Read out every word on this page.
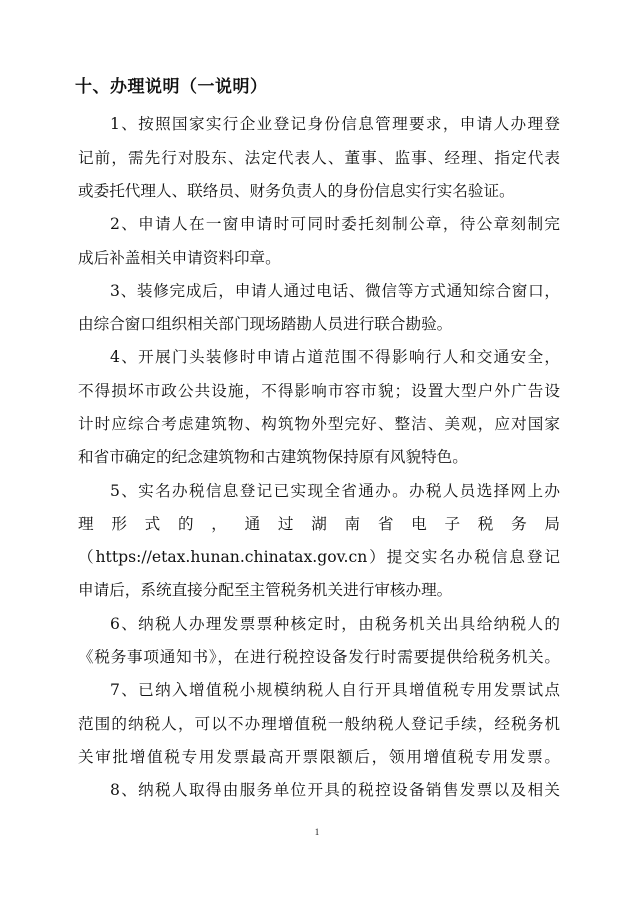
十、办理说明（一说明）
1、按照国家实行企业登记身份信息管理要求，申请人办理登
记前，需先行对股东、法定代表人、董事、监事、经理、指定代表
或委托代理人、联络员、财务负责人的身份信息实行实名验证。
2、申请人在一窗申请时可同时委托刻制公章，待公章刻制完
成后补盖相关申请资料印章。
3、装修完成后，申请人通过电话、微信等方式通知综合窗口，
由综合窗口组织相关部门现场踏勘人员进行联合勘验。
4、开展门头装修时申请占道范围不得影响行人和交通安全，
不得损坏市政公共设施，不得影响市容市貌；设置大型户外广告设
计时应综合考虑建筑物、构筑物外型完好、整洁、美观，应对国家
和省市确定的纪念建筑物和古建筑物保持原有风貌特色。
5、实名办税信息登记已实现全省通办。办税人员选择网上办
理 形 式 的 ， 通 过 湖 南 省 电 子 税 务 局
（https://etax.hunan.chinatax.gov.cn）提交实名办税信息登记
申请后，系统直接分配至主管税务机关进行审核办理。
6、纳税人办理发票票种核定时，由税务机关出具给纳税人的
《税务事项通知书》，在进行税控设备发行时需要提供给税务机关。
7、已纳入增值税小规模纳税人自行开具增值税专用发票试点
范围的纳税人，可以不办理增值税一般纳税人登记手续，经税务机
关审批增值税专用发票最高开票限额后，领用增值税专用发票。
8、纳税人取得由服务单位开具的税控设备销售发票以及相关
1
